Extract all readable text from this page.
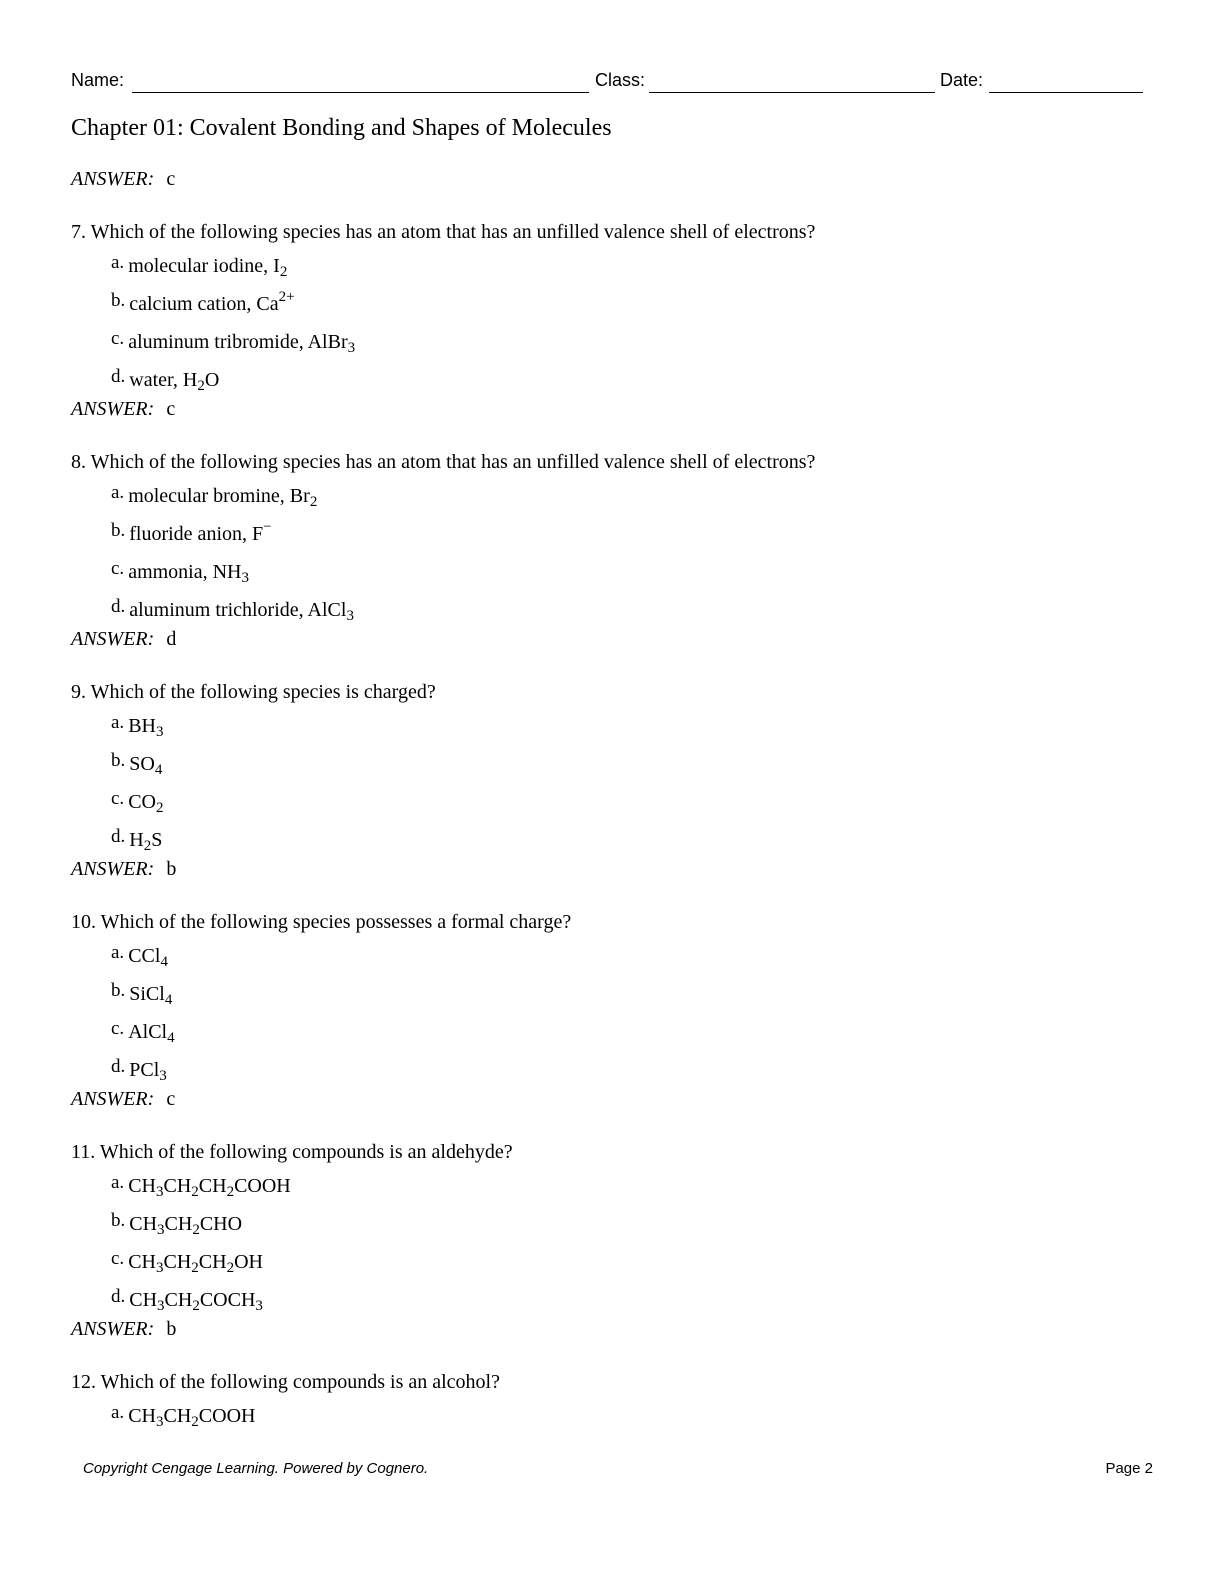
Name:	Class:	Date:
Chapter 01: Covalent Bonding and Shapes of Molecules
ANSWER: c
7. Which of the following species has an atom that has an unfilled valence shell of electrons?
a. molecular iodine, $I_2$
b. calcium cation, $Ca^{2+}$
c. aluminum tribromide, AlBr$_3$
d. water, $H_2O$
ANSWER: c
8. Which of the following species has an atom that has an unfilled valence shell of electrons?
a. molecular bromine, $Br_2$
b. fluoride anion, F−
c. ammonia, $NH_3$
d. aluminum trichloride, AlCl$_3$
ANSWER: d
9. Which of the following species is charged?
a. $BH_3$
b. $SO_4$
c. $CO_2$
d. $H_2S$
ANSWER: b
10. Which of the following species possesses a formal charge?
a. CCl$_4$
b. SiCl$_4$
c. AlCl$_4$
d. PCl$_3$
ANSWER: c
11. Which of the following compounds is an aldehyde?
a. $CH_3CH_2CH_2COOH$
b. $CH_3CH_2CHO$
c. $CH_3CH_2CH_2OH$
d. $CH_3CH_2COCH_3$
ANSWER: b
12. Which of the following compounds is an alcohol?
a. $CH_3CH_2COOH$
Copyright Cengage Learning. Powered by Cognero.	Page 2
